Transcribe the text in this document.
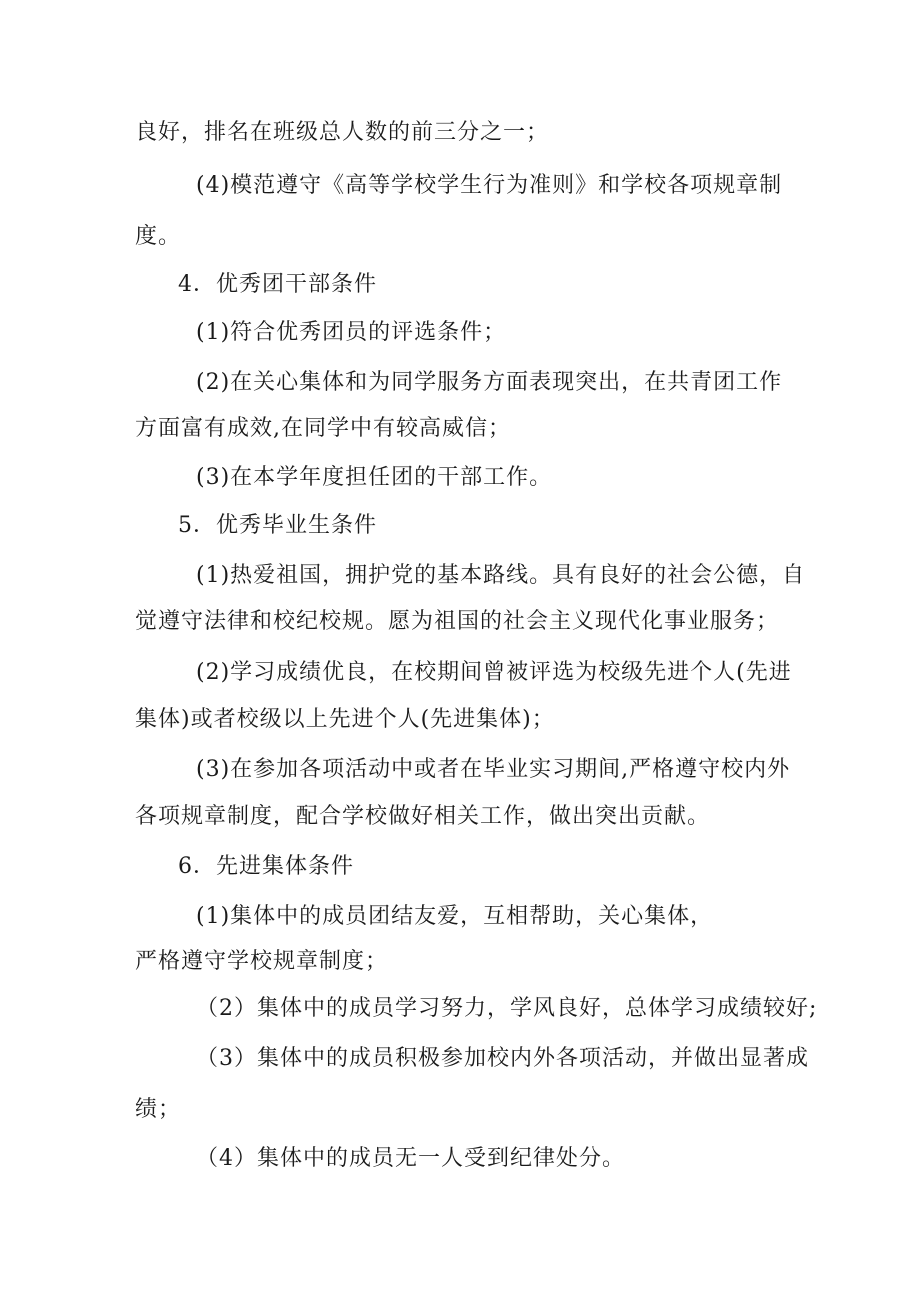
良好，排名在班级总人数的前三分之一；
(4)模范遵守《高等学校学生行为准则》和学校各项规章制
度。
4．优秀团干部条件
(1)符合优秀团员的评选条件；
(2)在关心集体和为同学服务方面表现突出，在共青团工作
方面富有成效,在同学中有较高威信；
(3)在本学年度担任团的干部工作。
5．优秀毕业生条件
(1)热爱祖国，拥护党的基本路线。具有良好的社会公德，自
觉遵守法律和校纪校规。愿为祖国的社会主义现代化事业服务；
(2)学习成绩优良，在校期间曾被评选为校级先进个人(先进
集体)或者校级以上先进个人(先进集体)；
(3)在参加各项活动中或者在毕业实习期间,严格遵守校内外
各项规章制度，配合学校做好相关工作，做出突出贡献。
6．先进集体条件
(1)集体中的成员团结友爱，互相帮助，关心集体，
严格遵守学校规章制度；
（2）集体中的成员学习努力，学风良好，总体学习成绩较好;
（3）集体中的成员积极参加校内外各项活动，并做出显著成
绩；
（4）集体中的成员无一人受到纪律处分。
